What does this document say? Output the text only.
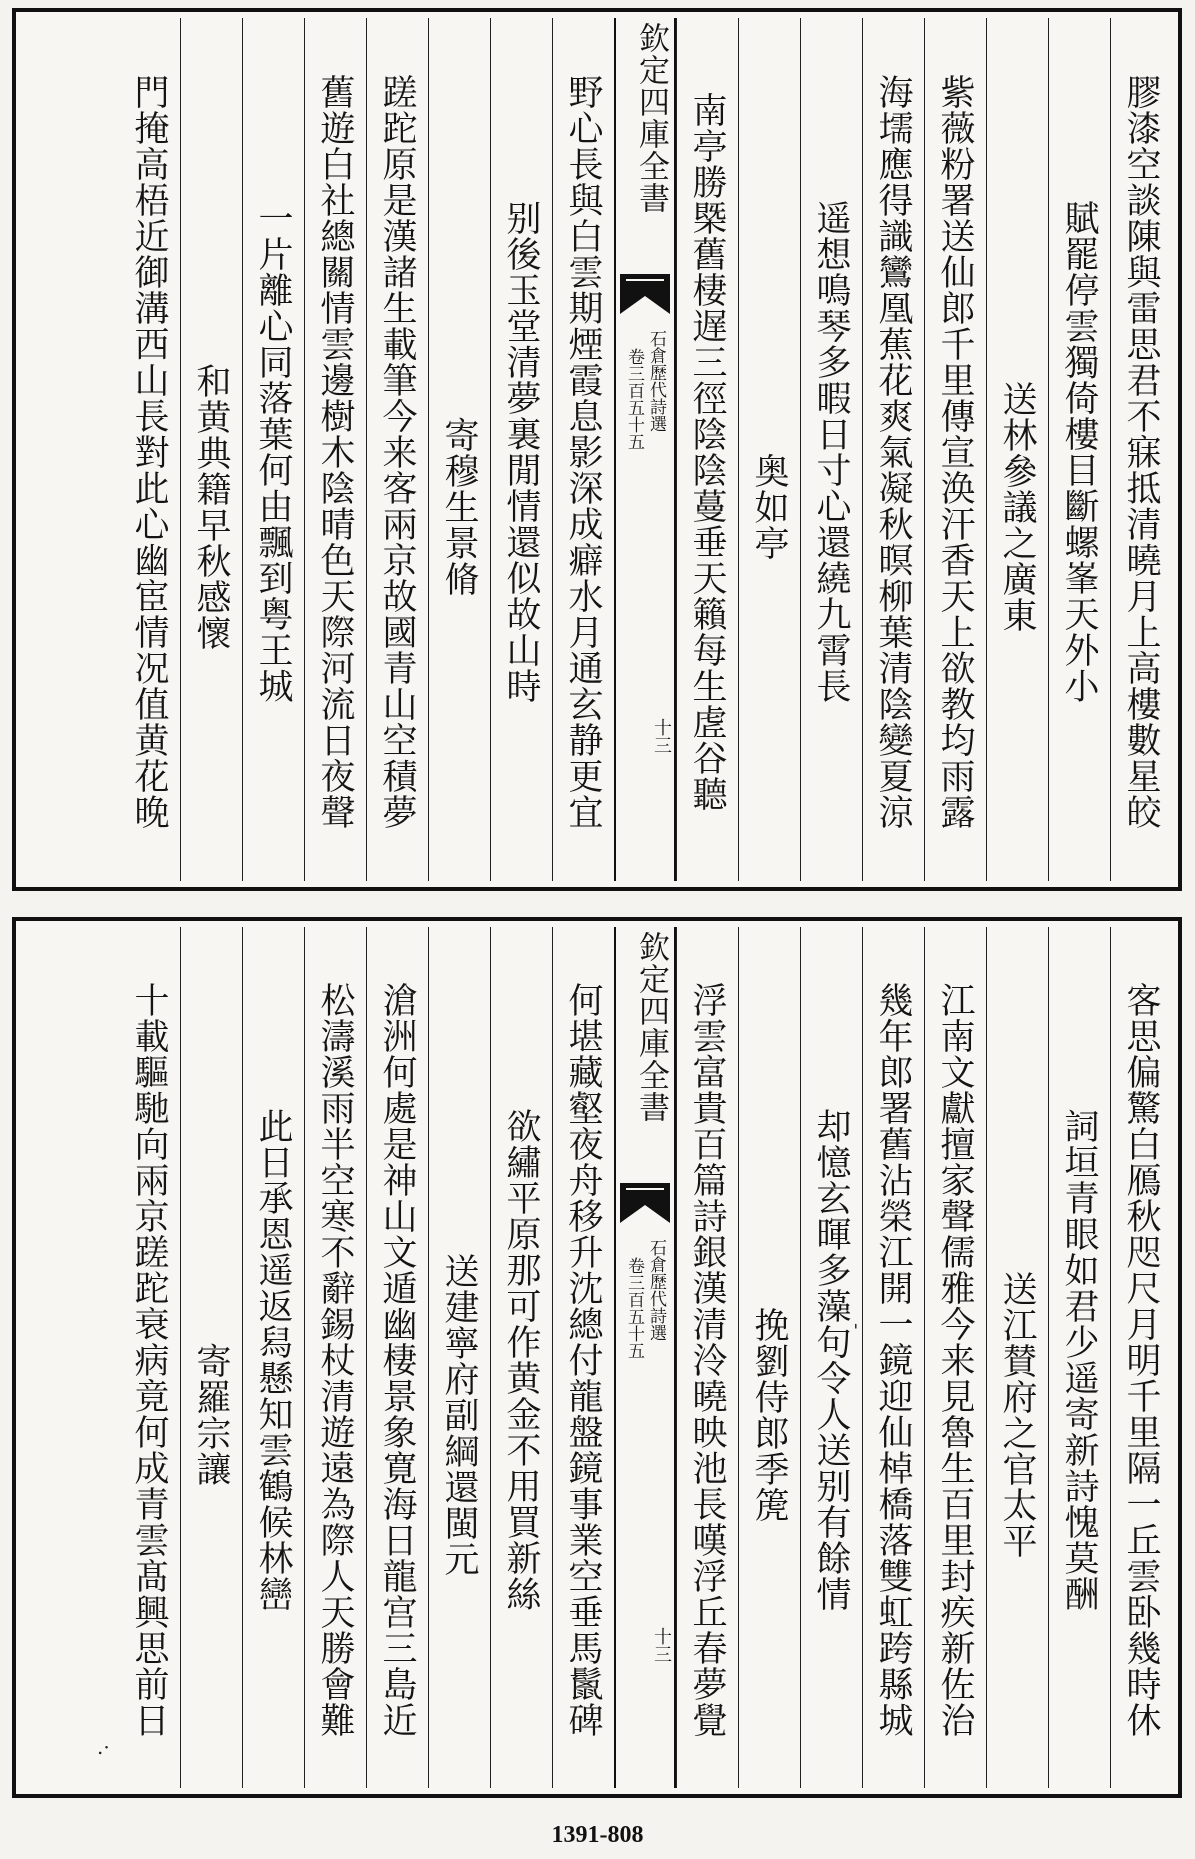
膠漆空談陳與雷思君不寐抵清曉月上高樓數星皎
賦罷停雲獨倚樓目斷螺峯天外小
送林參議之廣東
紫薇粉署送仙郎千里傳宣涣汗香天上欲教均雨露
海壖應得識鸞凰蕉花爽氣凝秋暝柳葉清陰變夏涼
遥想鳴琴多暇日寸心還繞九霄長
奥如亭
南亭勝槩舊棲遅三徑陰陰蔓垂天籟每生虗谷聽
欽定四庫全書
石倉歷代詩選
卷三百五十五
十三
野心長與白雲期煙霞息影深成癖水月通玄静更宜
别後玉堂清夢裏閒情還似故山時
寄穆生景脩
蹉跎原是漢諸生載筆今来客兩京故國青山空積夢
舊遊白社總關情雲邊樹木陰晴色天際河流日夜聲
一片離心同落葉何由飄到粤王城
和黄典籍早秋感懷
門掩高梧近御溝西山長對此心幽宦情况值黄花晚
客思偏驚白鴈秋咫尺月明千里隔一丘雲卧幾時休
詞垣青眼如君少遥寄新詩愧莫酬
送江賛府之官太平
江南文獻擅家聲儒雅今来見魯生百里封疾新佐治
幾年郎署舊沾榮江開一鏡迎仙棹橋落雙虹跨縣城
却憶玄暉多藻句令人送别有餘情
挽劉侍郎季箎
浮雲富貴百篇詩銀漢清泠曉映池長嘆浮丘春夢覺
欽定四庫全書
石倉歷代詩選
卷三百五十五
十三
何堪藏壑夜舟移升沈總付龍盤鏡事業空垂馬鬛碑
欲繡平原那可作黄金不用買新絲
送建寧府副綱還閩元
滄洲何處是神山文遁幽棲景象寛海日龍宫三島近
松濤溪雨半空寒不辭錫杖清遊遠為際人天勝會難
此日承恩遥返舄懸知雲鶴候林巒
寄羅宗讓
十載驅馳向兩京蹉跎衰病竟何成青雲髙興思前日	ˈ
.·
1391-808
